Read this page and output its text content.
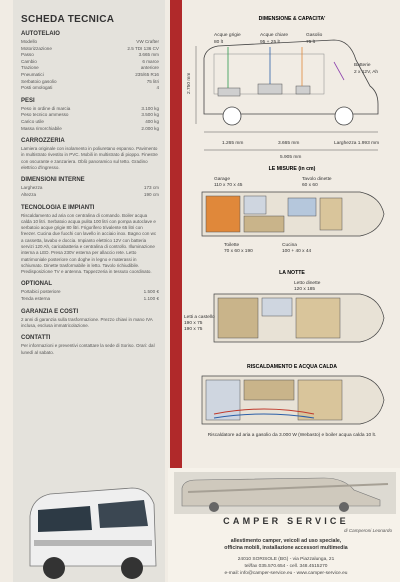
SCHEDA TECNICA
AUTOTELAIO
Modello	VW Crafter
Motorizzazione	2.5 TDI 136 CV
Passo	3.665 mm
Cambio	6 marce
Trazione	anteriore
Pneumatici	235/65 R16
Serbatoio gasolio	75 litri
Posti omologati	4
PESI
Peso in ordine di marcia	3.100 kg
Peso tecnico ammesso	3.500 kg
Carico utile	400 kg
Massa rimorchiabile	2.000 kg
CARROZZERIA

Lamiera originale con isolamento in poliuretano espanso. Pavimento in multistrato rivestito in PVC. Mobili in multistrato di pioppo. Finestre con oscurante e zanzariera. Oblò panoramico sul tetto. Gradino elettrico d'ingresso.

DIMENSIONI INTERNE
Larghezza	173 cm
Altezza	190 cm
TECNOLOGIA E IMPIANTI

Riscaldamento ad aria con centralina di comando. Boiler acqua calda 10 litri. Serbatoio acqua pulita 100 litri con pompa autoclave e serbatoio acque grigie 80 litri. Frigorifero trivalente 65 litri con freezer. Cucina due fuochi con lavello in acciaio inox. Bagno con wc a cassetta, lavabo e doccia. Impianto elettrico 12V con batteria servizi 120 Ah, caricabatteria e centralina di controllo. Illuminazione interna a LED. Presa 230V esterna per allaccio rete. Letto matrimoniale posteriore con doghe in legno e materassi in schiumato. Dinette trasformabile in letto. Tavolo richiudibile. Predisposizione TV e antenna. Tappezzeria in tessuto coordinato.

OPTIONAL
Portabici posteriore	1.500 €
Tenda esterna	1.100 €
GARANZIA E COSTI

2 anni di garanzia sulla trasformazione. Prezzo chiavi in mano IVA inclusa, esclusa immatricolazione.

CONTATTI

Per informazioni e preventivi contattare la sede di Soriso. Orari: dal lunedì al sabato.

DIMENSIONE & CAPACITA'
Acque grigie
80 lt
Acque chiare
95 + 25 lt
Gasolio
75 lt
Batterie
2 x 12V, Ah
2.750 mm
1.265 mm	3.665 mm	Larghezza 1.993 mm
5.905 mm
LE MISURE (in cm)
Garage
110 x 70 x 45
Tavolo dinette
60 x 60
Toilette
70 x 60 x 190
Cucina
100 + 40 x 44
LA NOTTE
Letto dinette
120 x 185
Letti a castello
190 x 75
190 x 75
RISCALDAMENTO E ACQUA CALDA
Riscaldatore ad aria a gasolio da 3.000 W (Webasto) e boiler acqua calda 10 lt.
CAMPER SERVICE
di Camperoni Leonardo
allestimento camper, veicoli ad uso speciale,
officina mobili, installazione accessori multimedia
24010 SORISOLE (BG) - via Piazzalunga, 21
tel/fax 035.570.654 - cell. 348.4515270
e-mail: info@camper-service.eu - www.camper-service.eu
